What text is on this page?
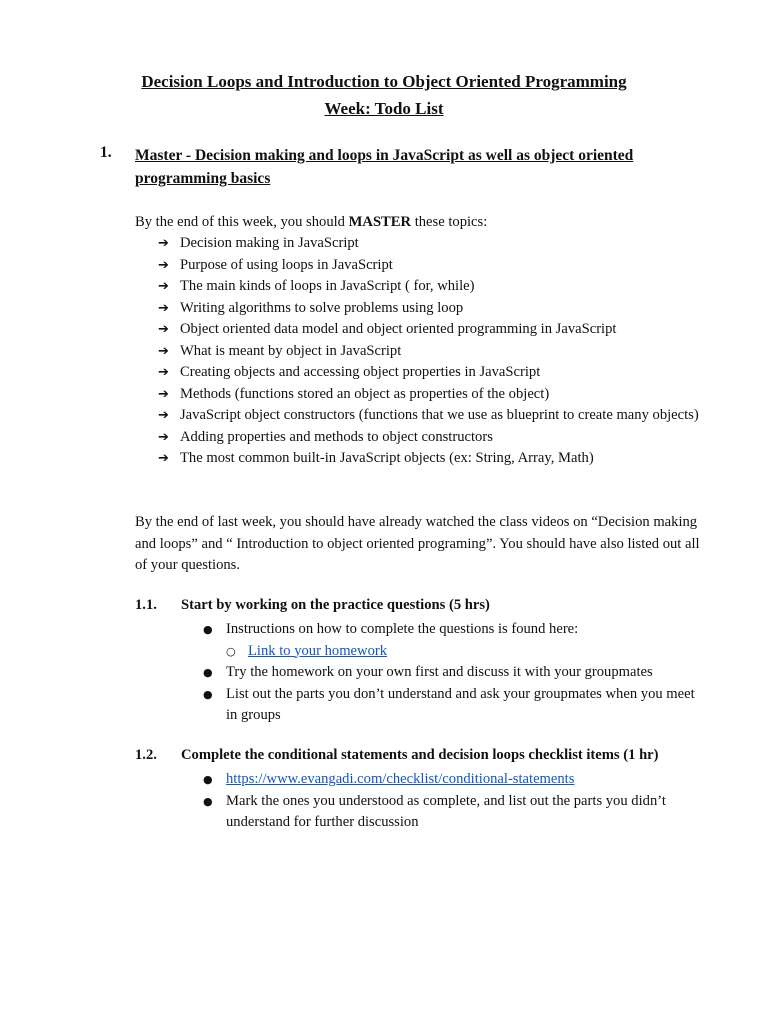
Decision Loops and Introduction to Object Oriented Programming
Week: Todo List
1. Master - Decision making and loops in JavaScript as well as object oriented programming basics
By the end of this week, you should MASTER these topics:
➔ Decision making in JavaScript
➔ Purpose of using loops in JavaScript
➔ The main kinds of loops in JavaScript ( for, while)
➔ Writing algorithms to solve problems using loop
➔ Object oriented data model and object oriented programming in JavaScript
➔ What is meant by object in JavaScript
➔ Creating objects and accessing object properties in JavaScript
➔ Methods (functions stored an object as properties of the object)
➔ JavaScript object constructors (functions that we use as blueprint to create many objects)
➔ Adding properties and methods to object constructors
➔ The most common built-in JavaScript objects (ex: String, Array, Math)
By the end of last week, you should have already watched the class videos on “Decision making and loops” and “ Introduction to object oriented programing”. You should have also listed out all of your questions.
1.1. Start by working on the practice questions (5 hrs)
● Instructions on how to complete the questions is found here:
○ Link to your homework
● Try the homework on your own first and discuss it with your groupmates
● List out the parts you don’t understand and ask your groupmates when you meet in groups
1.2. Complete the conditional statements and decision loops checklist items (1 hr)
● https://www.evangadi.com/checklist/conditional-statements
● Mark the ones you understood as complete, and list out the parts you didn’t understand for further discussion
